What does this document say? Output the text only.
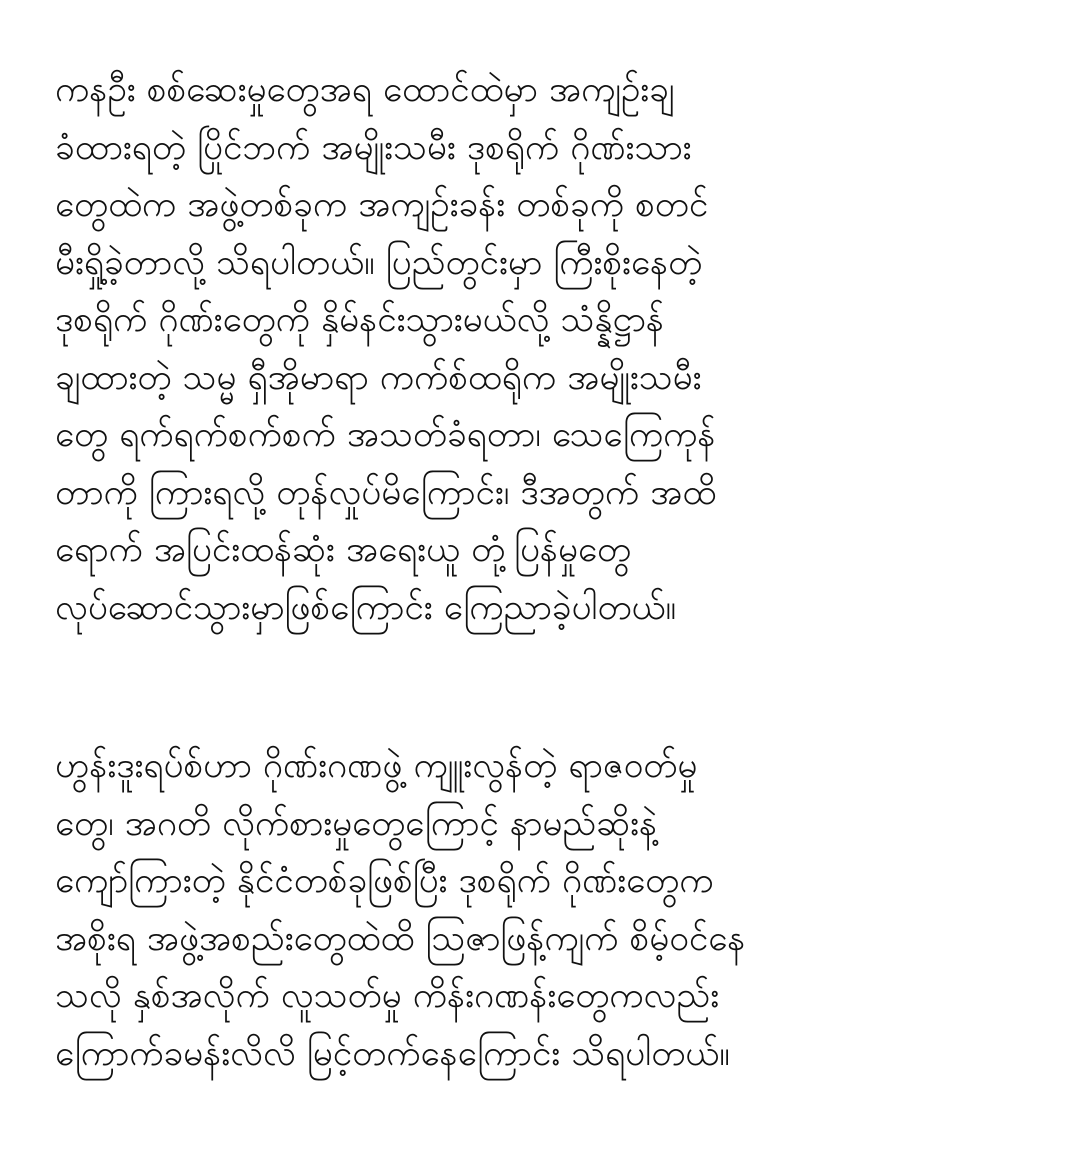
ကနဦး စစ်ဆေးမှုတွေအရ ထောင်ထဲမှာ အကျဉ်းချ
ခံထားရတဲ့ ပြိုင်ဘက် အမျိုးသမီး ဒုစရိုက် ဂိုဏ်းသား
တွေထဲက အဖွဲ့တစ်ခုက အကျဉ်းခန်း တစ်ခုကို စတင်
မီးရှို့ခဲ့တာလို့ သိရပါတယ်။ ပြည်တွင်းမှာ ကြီးစိုးနေတဲ့
ဒုစရိုက် ဂိုဏ်းတွေကို နှိမ်နင်းသွားမယ်လို့ သံန္နိဋ္ဌာန်
ချထားတဲ့ သမ္မ ရှီအိုမာရာ ကက်စ်ထရိုက အမျိုးသမီး
တွေ ရက်ရက်စက်စက် အသတ်ခံရတာ၊ သေကြေကုန်
တာကို ကြားရလို့ တုန်လှုပ်မိကြောင်း၊ ဒီအတွက် အထိ
ရောက် အပြင်းထန်ဆုံး အရေးယူ တုံ့ပြန်မှုတွေ
လုပ်ဆောင်သွားမှာဖြစ်ကြောင်း ကြေညာခဲ့ပါတယ်။
ဟွန်းဒူးရပ်စ်ဟာ ဂိုဏ်းဂဏဖွဲ့ ကျူးလွန်တဲ့ ရာဇဝတ်မှု
တွေ၊ အဂတိ လိုက်စားမှုတွေကြောင့် နာမည်ဆိုးနဲ့
ကျော်ကြားတဲ့ နိုင်ငံတစ်ခုဖြစ်ပြီး ဒုစရိုက် ဂိုဏ်းတွေက
အစိုးရ အဖွဲ့အစည်းတွေထဲထိ သြဇာဖြန့်ကျက် စိမ့်ဝင်နေ
သလို နှစ်အလိုက် လူသတ်မှု ကိန်းဂဏန်းတွေကလည်း
ကြောက်ခမန်းလိလိ မြင့်တက်နေကြောင်း သိရပါတယ်။
